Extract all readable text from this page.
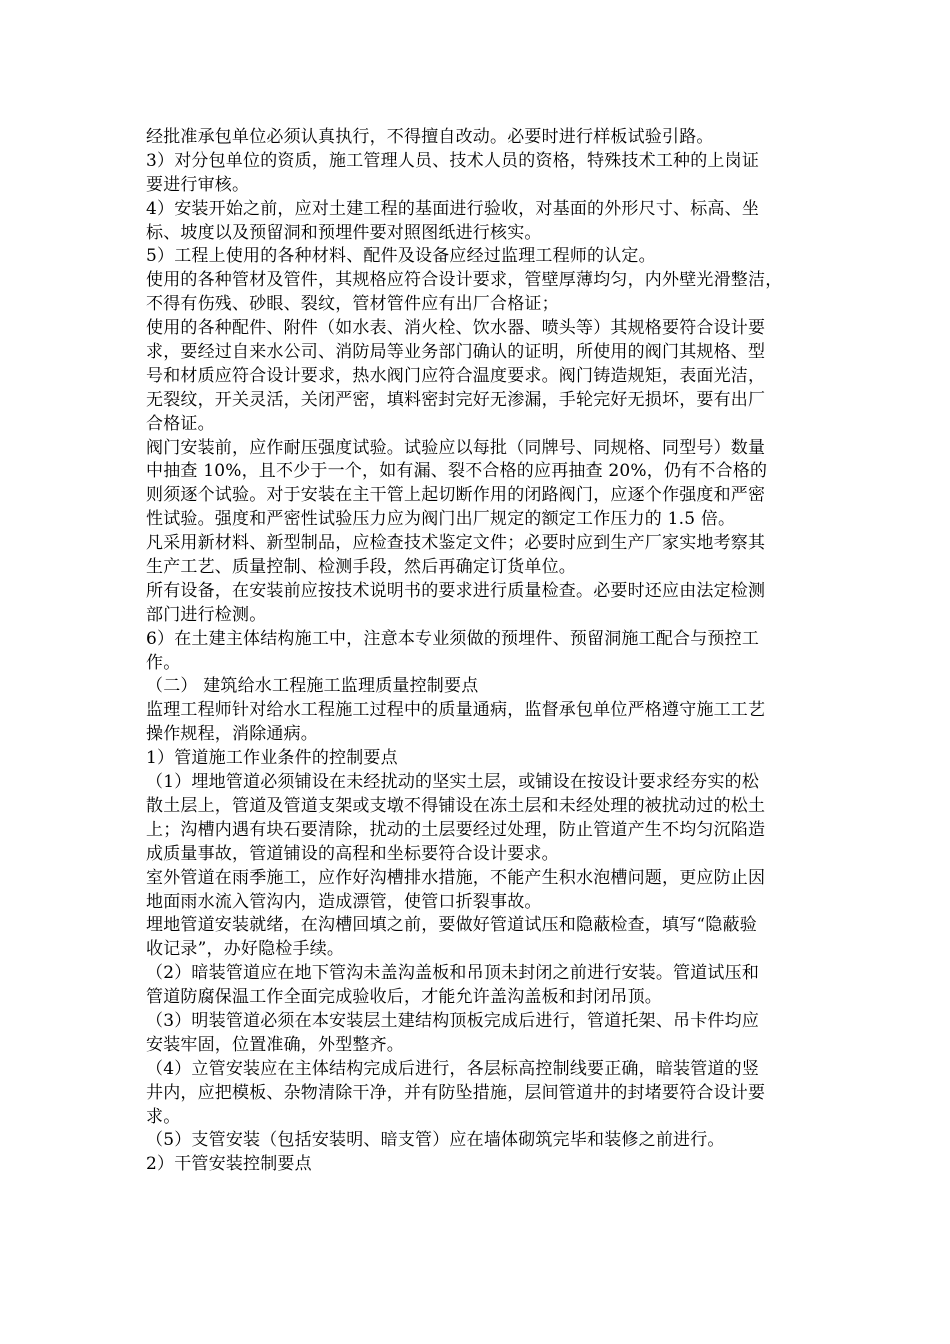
经批准承包单位必须认真执行，不得擅自改动。必要时进行样板试验引路。
3）对分包单位的资质，施工管理人员、技术人员的资格，特殊技术工种的上岗证
要进行审核。
4）安装开始之前，应对土建工程的基面进行验收，对基面的外形尺寸、标高、坐
标、坡度以及预留洞和预埋件要对照图纸进行核实。
5）工程上使用的各种材料、配件及设备应经过监理工程师的认定。
使用的各种管材及管件，其规格应符合设计要求，管壁厚薄均匀，内外壁光滑整洁，
不得有伤残、砂眼、裂纹，管材管件应有出厂合格证；
使用的各种配件、附件（如水表、消火栓、饮水器、喷头等）其规格要符合设计要
求，要经过自来水公司、消防局等业务部门确认的证明，所使用的阀门其规格、型
号和材质应符合设计要求，热水阀门应符合温度要求。阀门铸造规矩，表面光洁，
无裂纹，开关灵活，关闭严密，填料密封完好无渗漏，手轮完好无损坏，要有出厂
合格证。
阀门安装前，应作耐压强度试验。试验应以每批（同牌号、同规格、同型号）数量
中抽查 10%，且不少于一个，如有漏、裂不合格的应再抽查 20%，仍有不合格的
则须逐个试验。对于安装在主干管上起切断作用的闭路阀门，应逐个作强度和严密
性试验。强度和严密性试验压力应为阀门出厂规定的额定工作压力的 1.5 倍。
凡采用新材料、新型制品，应检查技术鉴定文件；必要时应到生产厂家实地考察其
生产工艺、质量控制、检测手段，然后再确定订货单位。
所有设备，在安装前应按技术说明书的要求进行质量检查。必要时还应由法定检测
部门进行检测。
6）在土建主体结构施工中，注意本专业须做的预埋件、预留洞施工配合与预控工
作。
（二） 建筑给水工程施工监理质量控制要点
监理工程师针对给水工程施工过程中的质量通病，监督承包单位严格遵守施工工艺
操作规程，消除通病。
1）管道施工作业条件的控制要点
（1）埋地管道必须铺设在未经扰动的坚实土层，或铺设在按设计要求经夯实的松
散土层上，管道及管道支架或支墩不得铺设在冻土层和未经处理的被扰动过的松土
上；沟槽内遇有块石要清除，扰动的土层要经过处理，防止管道产生不均匀沉陷造
成质量事故，管道铺设的高程和坐标要符合设计要求。
室外管道在雨季施工，应作好沟槽排水措施，不能产生积水泡槽问题，更应防止因
地面雨水流入管沟内，造成漂管，使管口折裂事故。
埋地管道安装就绪，在沟槽回填之前，要做好管道试压和隐蔽检查，填写“隐蔽验
收记录”，办好隐检手续。
（2）暗装管道应在地下管沟未盖沟盖板和吊顶未封闭之前进行安装。管道试压和
管道防腐保温工作全面完成验收后，才能允许盖沟盖板和封闭吊顶。
（3）明装管道必须在本安装层土建结构顶板完成后进行，管道托架、吊卡件均应
安装牢固，位置准确，外型整齐。
（4）立管安装应在主体结构完成后进行，各层标高控制线要正确，暗装管道的竖
井内，应把模板、杂物清除干净，并有防坠措施，层间管道井的封堵要符合设计要
求。
（5）支管安装（包括安装明、暗支管）应在墙体砌筑完毕和装修之前进行。
2）干管安装控制要点
